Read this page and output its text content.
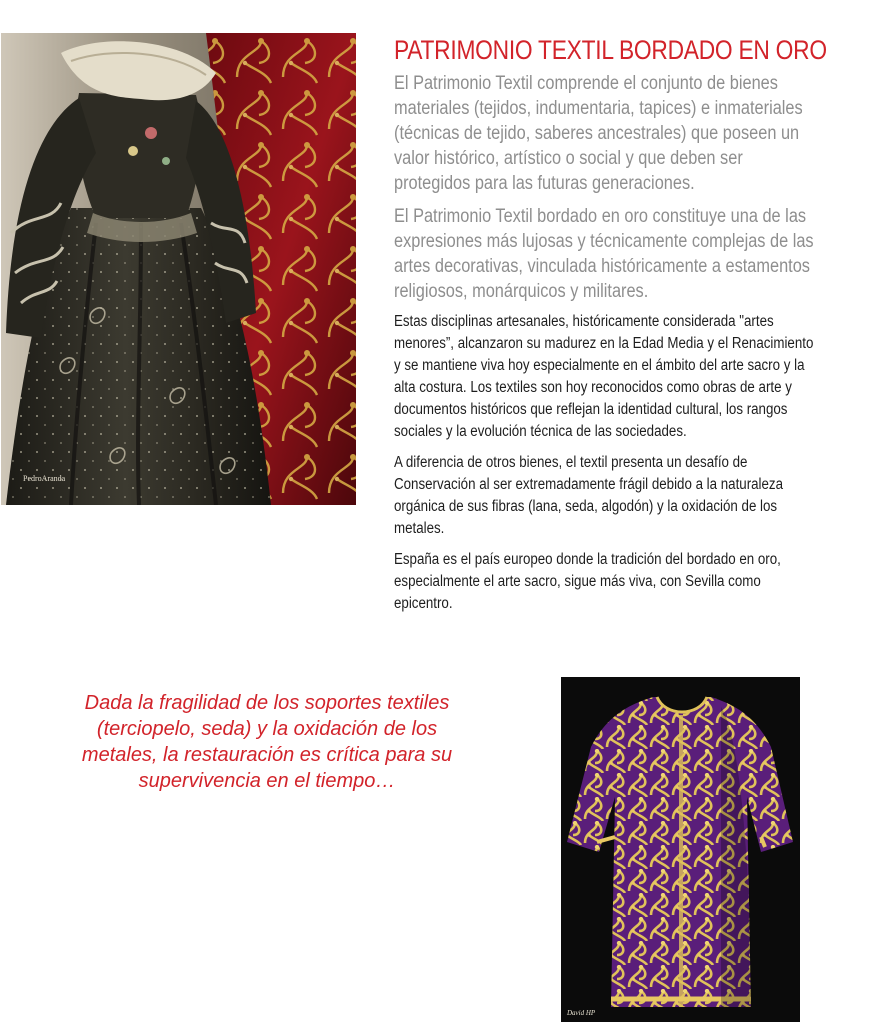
PedroAranda
PATRIMONIO TEXTIL BORDADO EN ORO

El Patrimonio Textil comprende el conjunto de bienes materiales (tejidos, indumentaria, tapices) e inmateriales (técnicas de tejido, saberes ancestrales) que poseen un valor histórico, artístico o social y que deben ser protegidos para las futuras generaciones.

El Patrimonio Textil bordado en oro constituye una de las expresiones más lujosas y técnicamente complejas de las artes decorativas, vinculada históricamente a estamentos religiosos, monárquicos y militares.

Estas disciplinas artesanales, históricamente considerada "artes menores”, alcanzaron su madurez en la Edad Media y el Renacimiento y se mantiene viva hoy especialmente en el ámbito del arte sacro y la alta costura. Los textiles son hoy reconocidos como obras de arte y documentos históricos que reflejan la identidad cultural, los rangos sociales y la evolución técnica de las sociedades.

A diferencia de otros bienes, el textil presenta un desafío de Conservación al ser extremadamente frágil debido a la naturaleza orgánica de sus fibras (lana, seda, algodón) y la oxidación de los metales.

España es el país europeo donde la tradición del bordado en oro, especialmente el arte sacro, sigue más viva, con Sevilla como epicentro.

Dada la fragilidad de los soportes textiles (terciopelo, seda) y la oxidación de los metales, la restauración es crítica para su supervivencia en el tiempo…

David HP
